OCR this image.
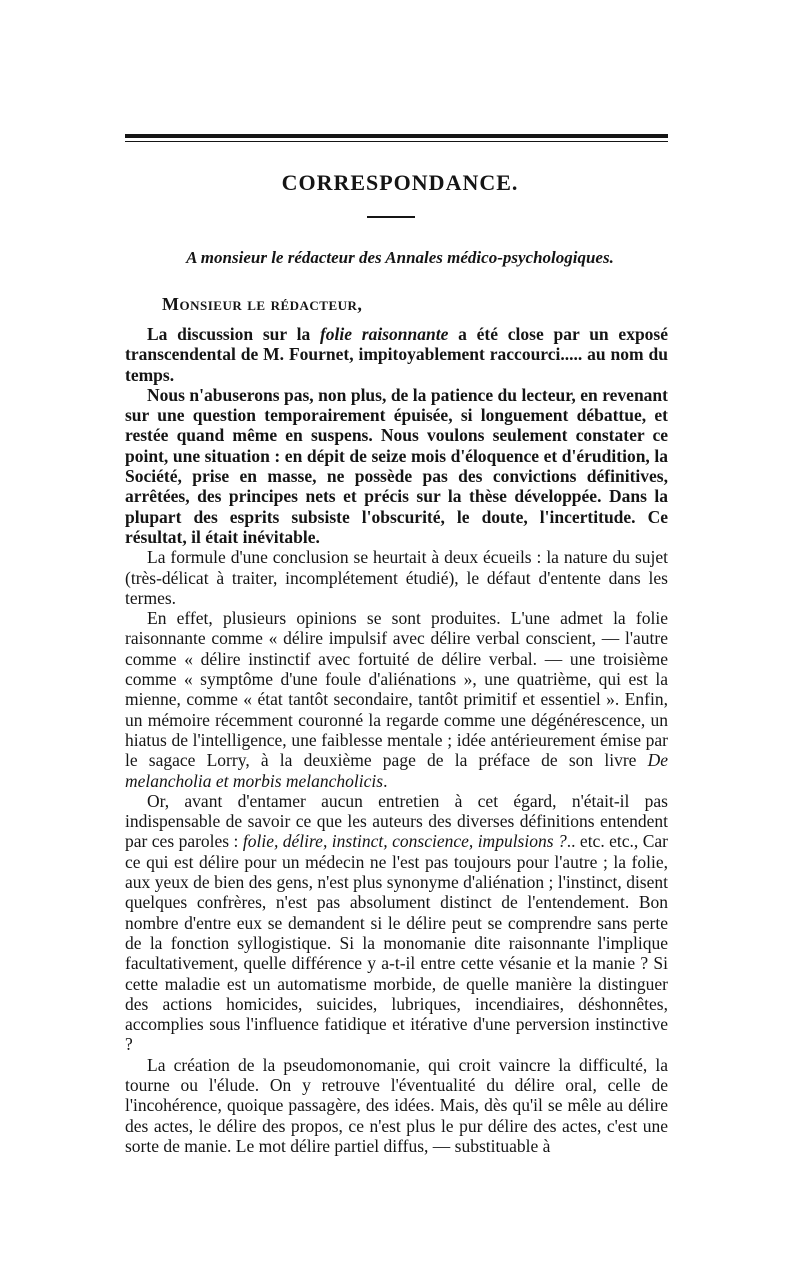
CORRESPONDANCE.
A monsieur le rédacteur des Annales médico-psychologiques.
Monsieur le rédacteur,

La discussion sur la folie raisonnante a été close par un exposé transcendental de M. Fournet, impitoyablement raccourci..... au nom du temps.

Nous n'abuserons pas, non plus, de la patience du lecteur, en revenant sur une question temporairement épuisée, si longuement débattue, et restée quand même en suspens. Nous voulons seulement constater ce point, une situation : en dépit de seize mois d'éloquence et d'érudition, la Société, prise en masse, ne possède pas des convictions définitives, arrêtées, des principes nets et précis sur la thèse développée. Dans la plupart des esprits subsiste l'obscurité, le doute, l'incertitude. Ce résultat, il était inévitable.

La formule d'une conclusion se heurtait à deux écueils : la nature du sujet (très-délicat à traiter, incomplétement étudié), le défaut d'entente dans les termes.

En effet, plusieurs opinions se sont produites. L'une admet la folie raisonnante comme « délire impulsif avec délire verbal conscient, — l'autre comme « délire instinctif avec fortuité de délire verbal. — une troisième comme « symptôme d'une foule d'aliénations », une quatrième, qui est la mienne, comme « état tantôt secondaire, tantôt primitif et essentiel ». Enfin, un mémoire récemment couronné la regarde comme une dégénérescence, un hiatus de l'intelligence, une faiblesse mentale ; idée antérieurement émise par le sagace Lorry, à la deuxième page de la préface de son livre De melancholia et morbis melancholicis.

Or, avant d'entamer aucun entretien à cet égard, n'était-il pas indispensable de savoir ce que les auteurs des diverses définitions entendent par ces paroles : folie, délire, instinct, conscience, impulsions ?.. etc. etc., Car ce qui est délire pour un médecin ne l'est pas toujours pour l'autre ; la folie, aux yeux de bien des gens, n'est plus synonyme d'aliénation ; l'instinct, disent quelques confrères, n'est pas absolument distinct de l'entendement. Bon nombre d'entre eux se demandent si le délire peut se comprendre sans perte de la fonction syllogistique. Si la monomanie dite raisonnante l'implique facultativement, quelle différence y a-t-il entre cette vésanie et la manie ? Si cette maladie est un automatisme morbide, de quelle manière la distinguer des actions homicides, suicides, lubriques, incendiaires, déshonnêtes, accomplies sous l'influence fatidique et itérative d'une perversion instinctive ?

La création de la pseudomonomanie, qui croit vaincre la difficulté, la tourne ou l'élude. On y retrouve l'éventualité du délire oral, celle de l'incohérence, quoique passagère, des idées. Mais, dès qu'il se mêle au délire des actes, le délire des propos, ce n'est plus le pur délire des actes, c'est une sorte de manie. Le mot délire partiel diffus, — substituable à
